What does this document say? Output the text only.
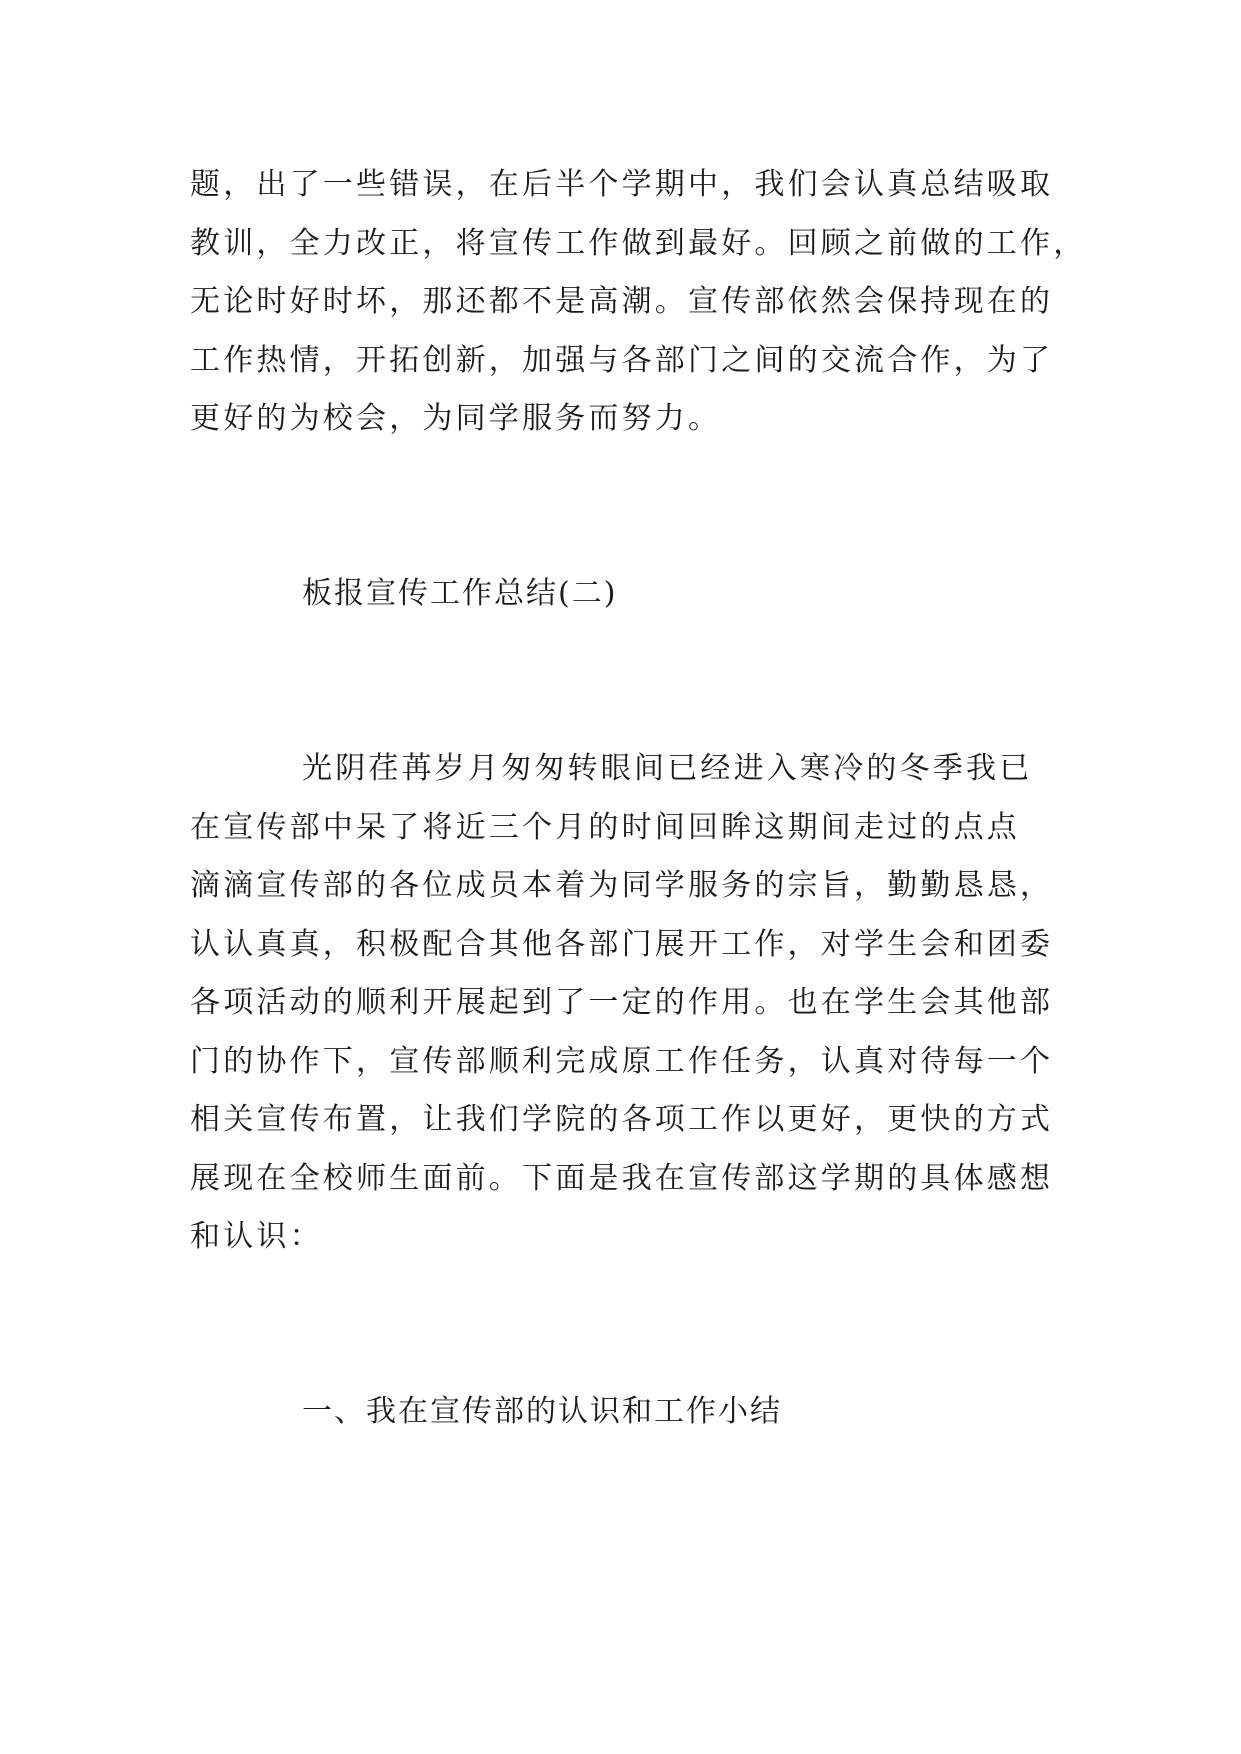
题，出了一些错误，在后半个学期中，我们会认真总结吸取
教训，全力改正，将宣传工作做到最好。回顾之前做的工作，
无论时好时坏，那还都不是高潮。宣传部依然会保持现在的
工作热情，开拓创新，加强与各部门之间的交流合作，为了
更好的为校会，为同学服务而努力。
板报宣传工作总结(二)
光阴荏苒岁月匆匆转眼间已经进入寒冷的冬季我已
在宣传部中呆了将近三个月的时间回眸这期间走过的点点
滴滴宣传部的各位成员本着为同学服务的宗旨，勤勤恳恳，
认认真真，积极配合其他各部门展开工作，对学生会和团委
各项活动的顺利开展起到了一定的作用。也在学生会其他部
门的协作下，宣传部顺利完成原工作任务，认真对待每一个
相关宣传布置，让我们学院的各项工作以更好，更快的方式
展现在全校师生面前。下面是我在宣传部这学期的具体感想
和认识：
一、我在宣传部的认识和工作小结
